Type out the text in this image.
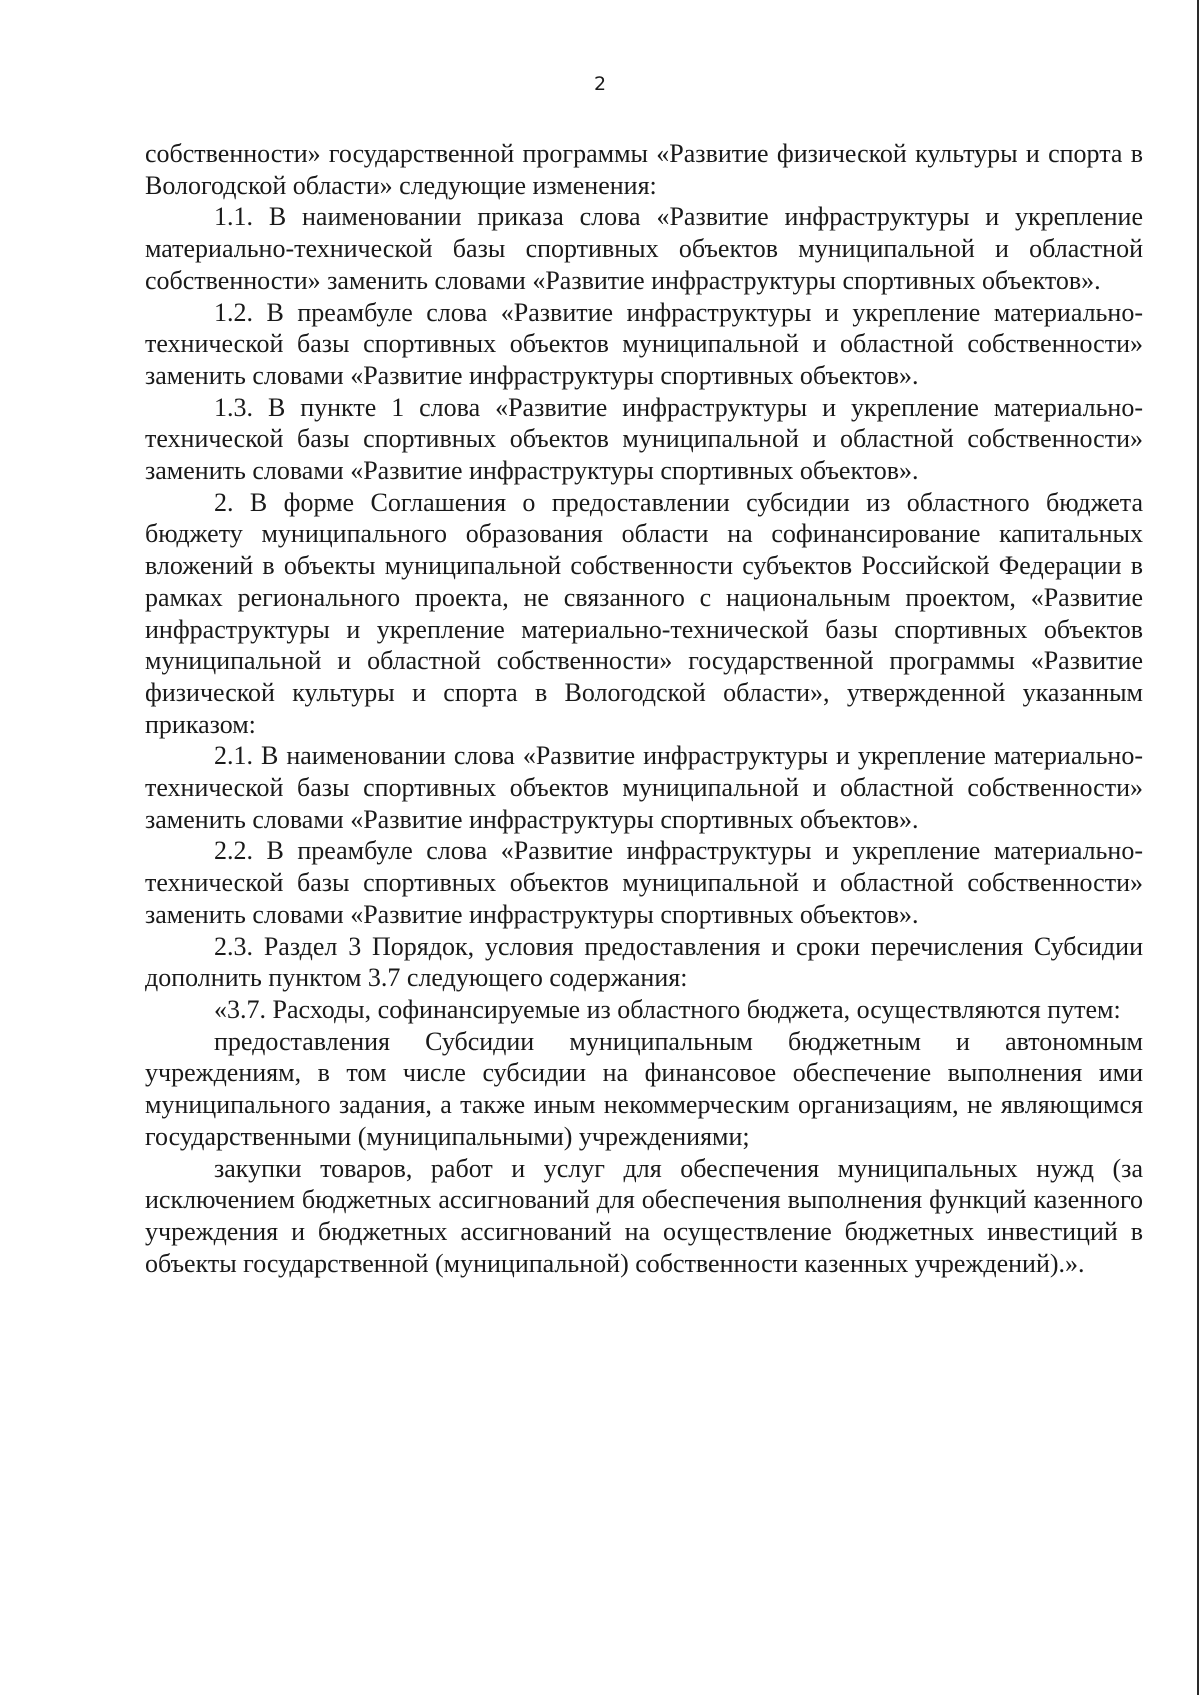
2

собственности» государственной программы «Развитие физической культуры и спорта в Вологодской области» следующие изменения:

1.1. В наименовании приказа слова «Развитие инфраструктуры и укрепление материально-технической базы спортивных объектов муниципальной и областной собственности» заменить словами «Развитие инфраструктуры спортивных объектов».

1.2. В преамбуле слова «Развитие инфраструктуры и укрепление материально-технической базы спортивных объектов муниципальной и областной собственности» заменить словами «Развитие инфраструктуры спортивных объектов».

1.3. В пункте 1 слова «Развитие инфраструктуры и укрепление материально-технической базы спортивных объектов муниципальной и областной собственности» заменить словами «Развитие инфраструктуры спортивных объектов».

2. В форме Соглашения о предоставлении субсидии из областного бюджета бюджету муниципального образования области на софинансирование капитальных вложений в объекты муниципальной собственности субъектов Российской Федерации в рамках регионального проекта, не связанного с национальным проектом, «Развитие инфраструктуры и укрепление материально-технической базы спортивных объектов муниципальной и областной собственности» государственной программы «Развитие физической культуры и спорта в Вологодской области», утвержденной указанным приказом:

2.1. В наименовании слова «Развитие инфраструктуры и укрепление материально-технической базы спортивных объектов муниципальной и областной собственности» заменить словами «Развитие инфраструктуры спортивных объектов».

2.2. В преамбуле слова «Развитие инфраструктуры и укрепление материально-технической базы спортивных объектов муниципальной и областной собственности» заменить словами «Развитие инфраструктуры спортивных объектов».

2.3. Раздел 3 Порядок, условия предоставления и сроки перечисления Субсидии дополнить пунктом 3.7 следующего содержания:

«3.7. Расходы, софинансируемые из областного бюджета, осуществляются путем:

предоставления Субсидии муниципальным бюджетным и автономным учреждениям, в том числе субсидии на финансовое обеспечение выполнения ими муниципального задания, а также иным некоммерческим организациям, не являющимся государственными (муниципальными) учреждениями;

закупки товаров, работ и услуг для обеспечения муниципальных нужд (за исключением бюджетных ассигнований для обеспечения выполнения функций казенного учреждения и бюджетных ассигнований на осуществление бюджетных инвестиций в объекты государственной (муниципальной) собственности казенных учреждений).».
